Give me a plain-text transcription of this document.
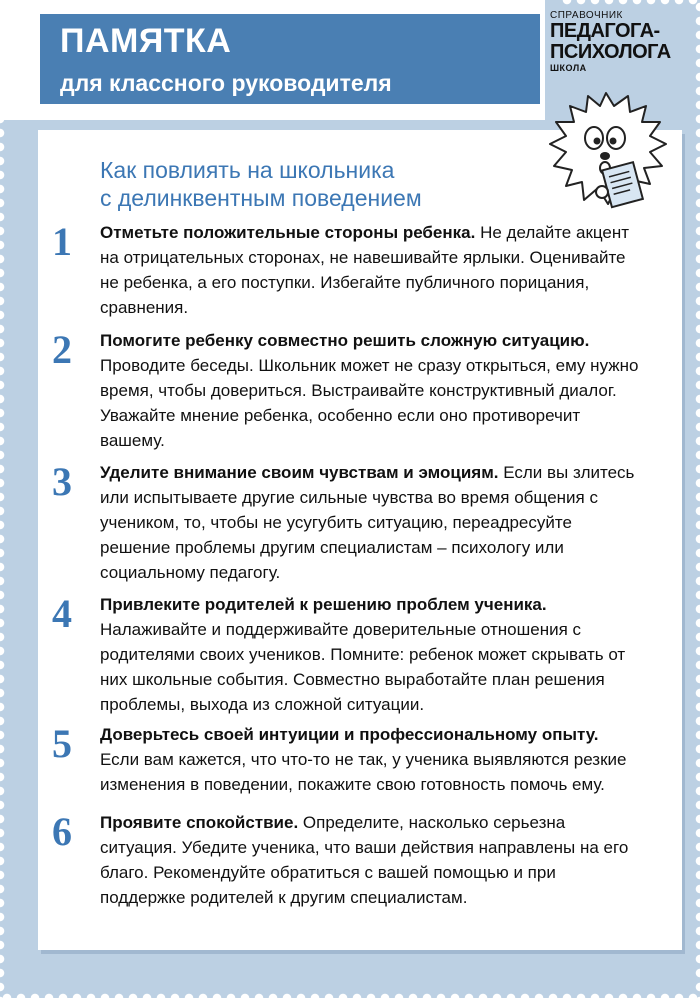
ПАМЯТКА
для классного руководителя
СПРАВОЧНИК
ПЕДАГОГА-
ПСИХОЛОГА
ШКОЛА
Как повлиять на школьника
с делинквентным поведением
1	Отметьте положительные стороны ребенка. Не делайте акцент на отрицательных сторонах, не навешивайте ярлыки. Оценивайте не ребенка, а его поступки. Избегайте публичного порицания, сравнения.
2	Помогите ребенку совместно решить сложную ситуацию. Проводите беседы. Школьник может не сразу открыться, ему нужно время, чтобы довериться. Выстраивайте конструктивный диалог. Уважайте мнение ребенка, особенно если оно противоречит вашему.
3	Уделите внимание своим чувствам и эмоциям. Если вы злитесь или испытываете другие сильные чувства во время общения с учеником, то, чтобы не усугубить ситуацию, переадресуйте решение проблемы другим специалистам – психологу или социальному педагогу.
4	Привлеките родителей к решению проблем ученика. Налаживайте и поддерживайте доверительные отношения с родителями своих учеников. Помните: ребенок может скрывать от них школьные события. Совместно выработайте план решения проблемы, выхода из сложной ситуации.
5	Доверьтесь своей интуиции и профессиональному опыту. Если вам кажется, что что-то не так, у ученика выявляются резкие изменения в поведении, покажите свою готовность помочь ему.
6	Проявите спокойствие. Определите, насколько серьезна ситуация. Убедите ученика, что ваши действия направлены на его благо. Рекомендуйте обратиться с вашей помощью и при поддержке родителей к другим специалистам.
